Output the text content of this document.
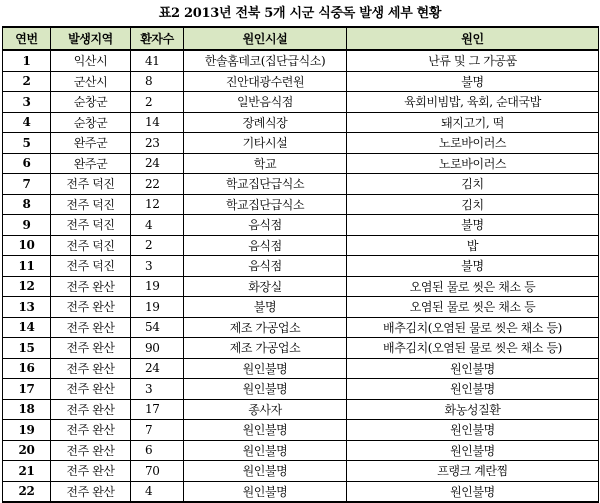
표2 2013년 전북 5개 시군 식중독 발생 세부 현황
연번	발생지역	환자수	원인시설	원인
1	익산시	41	한솔홈데코(집단급식소)	난류 및 그 가공품
2	군산시	8	진안대광수련원	불명
3	순창군	2	일반음식점	육회비빔밥, 육회, 순대국밥
4	순창군	14	장례식장	돼지고기, 떡
5	완주군	23	기타시설	노로바이러스
6	완주군	24	학교	노로바이러스
7	전주 덕진	22	학교집단급식소	김치
8	전주 덕진	12	학교집단급식소	김치
9	전주 덕진	4	음식점	불명
10	전주 덕진	2	음식점	밥
11	전주 덕진	3	음식점	불명
12	전주 완산	19	화장실	오염된 물로 씻은 채소 등
13	전주 완산	19	불명	오염된 물로 씻은 채소 등
14	전주 완산	54	제조 가공업소	배추김치(오염된 물로 씻은 채소 등)
15	전주 완산	90	제조 가공업소	배추김치(오염된 물로 씻은 채소 등)
16	전주 완산	24	원인불명	원인불명
17	전주 완산	3	원인불명	원인불명
18	전주 완산	17	종사자	화농성질환
19	전주 완산	7	원인불명	원인불명
20	전주 완산	6	원인불명	원인불명
21	전주 완산	70	원인불명	프랭크 계란찜
22	전주 완산	4	원인불명	원인불명
